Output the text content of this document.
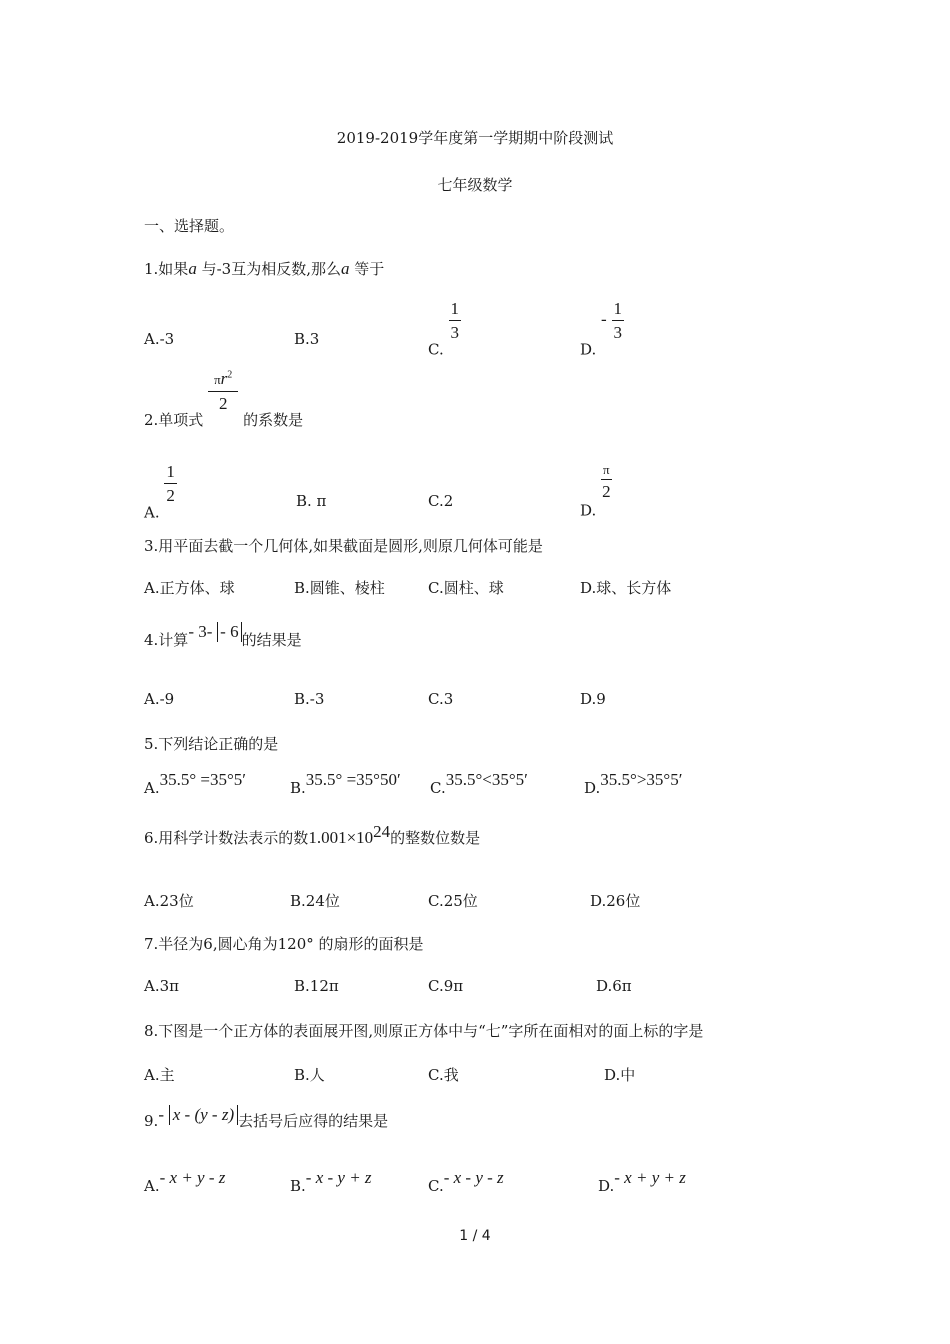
2019-2019学年度第一学期期中阶段测试
七年级数学
一、选择题。
1.如果a 与-3互为相反数,那么a 等于
A.-3	B.3
C.
$\frac{1}{3}$
D. - $\frac{1}{3}$
2.单项式
$\frac{\pi r^2}{2}$
的系数是
A.
$\frac{1}{2}$	B. π	C.2
D.
$\frac{\pi}{2}$
3.用平面去截一个几何体,如果截面是圆形,则原几何体可能是
A.正方体、球	B.圆锥、棱柱	C.圆柱、球	D.球、长方体
4.计算- 3- - 6 的结果是
A.-9	B.-3	C.3	D.9
5.下列结论正确的是
A.35.5° =35°5′	B.35.5° =35°50′ C.35.5°<35°5′	D.35.5°>35°5′
6.用科学计数法表示的数$1.001\times 10^{24}$的整数位数是
A.23位	B.24位	C.25位	D.26位
7.半径为6,圆心角为120° 的扇形的面积是
A.3π	B.12π	C.9π	D.6π
8.下图是一个正方体的表面展开图,则原正方体中与“七”字所在面相对的面上标的字是
A.主	B.人	C.我	D.中
9.- x - (y - z) 去括号后应得的结果是
A.- x + y - z	B.- x - y + z	C.- x - y - z	D.- x + y + z
1 / 4
